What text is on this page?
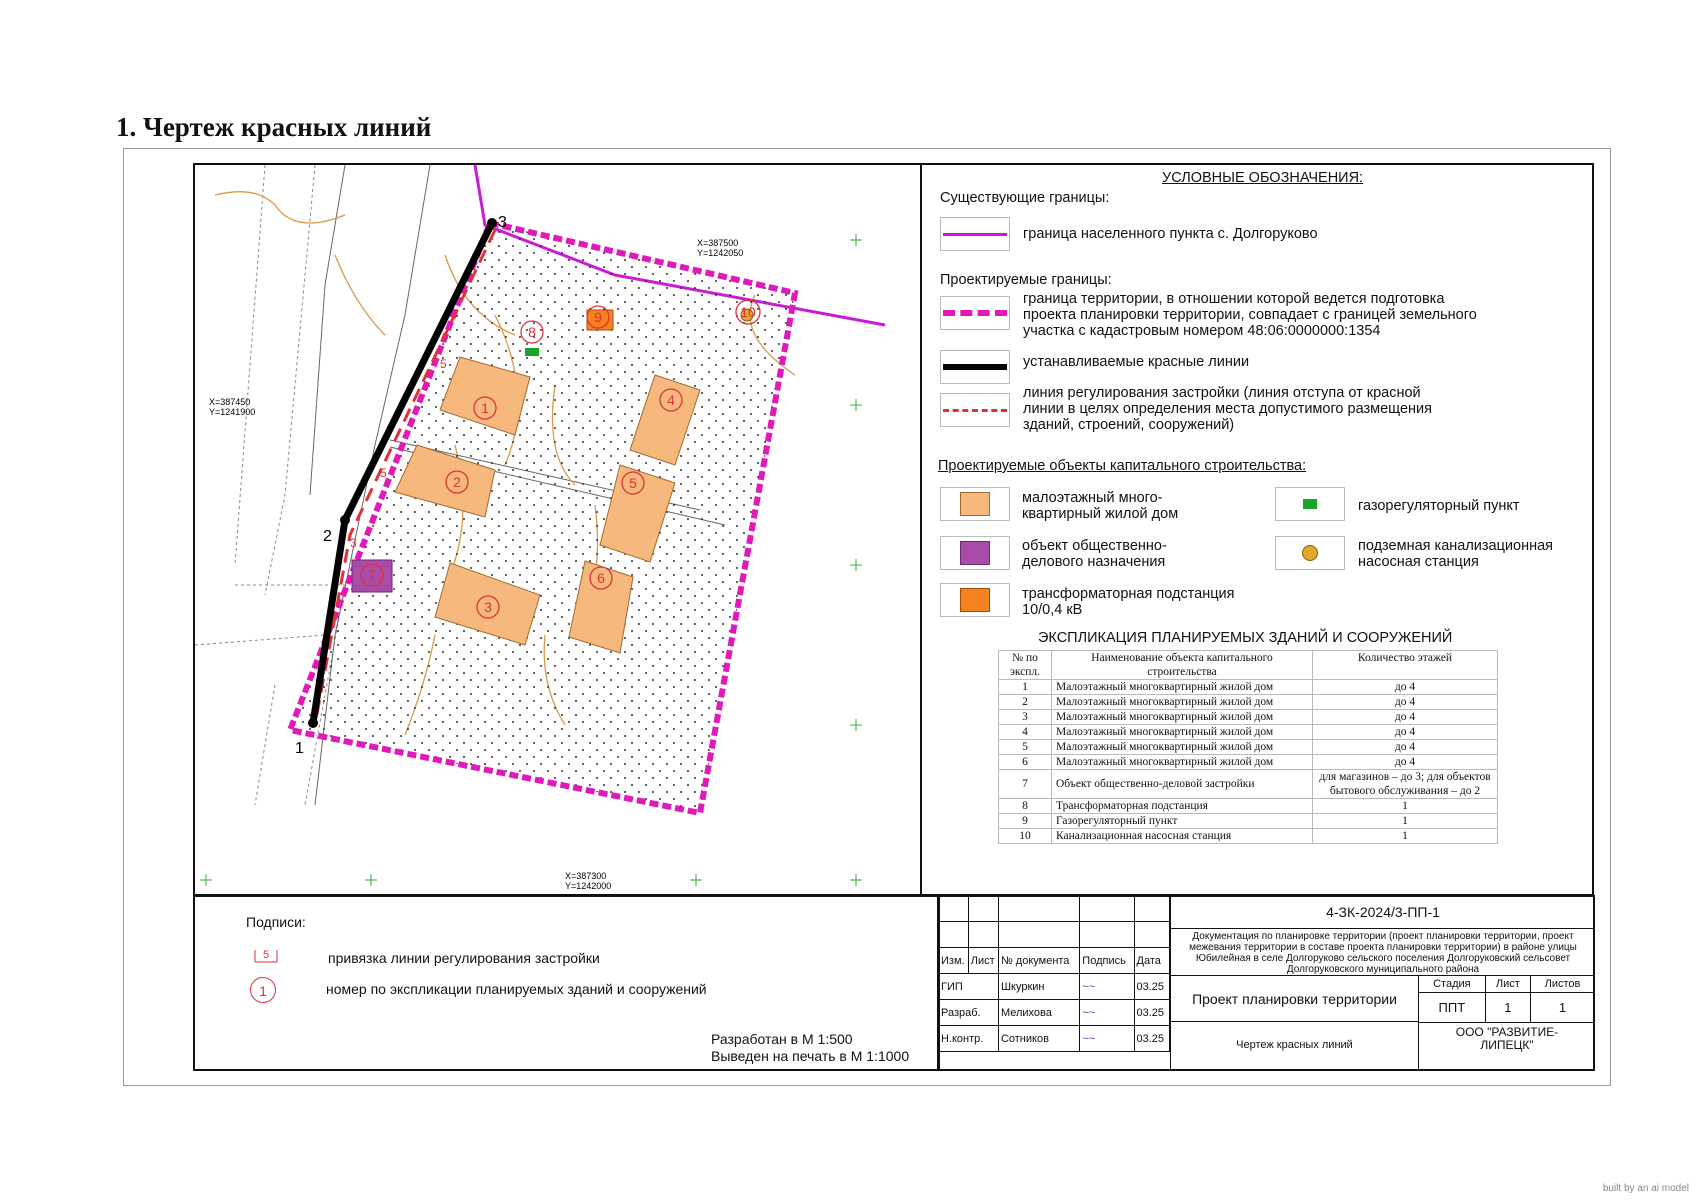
1. Чертеж красных линий
3
2
1
5
5
3
1
2
3
4
5
6
7
8
9	10
X=387500
Y=1242050
X=387450
Y=1241900
X=387300
Y=1242000
УСЛОВНЫЕ ОБОЗНАЧЕНИЯ:
Существующие границы:
граница населенного пункта с. Долгоруково
Проектируемые границы:
граница территории, в отношении которой ведется подготовка проекта планировки территории, совпадает с границей земельного участка с кадастровым номером 48:06:0000000:1354
устанавливаемые красные линии
линия регулирования застройки (линия отступа от красной линии в целях определения места допустимого размещения зданий, строений, сооружений)
Проектируемые объекты капитального строительства:
малоэтажный много-квартирный жилой дом
объект общественно-делового назначения
трансформаторная подстанция 10/0,4 кВ
газорегуляторный пункт
подземная канализационная насосная станция
ЭКСПЛИКАЦИЯ ПЛАНИРУЕМЫХ ЗДАНИЙ И СООРУЖЕНИЙ
№ по экспл.	Наименование объекта капитального строительства	Количество этажей
1	Малоэтажный многоквартирный жилой дом	до 4
2	Малоэтажный многоквартирный жилой дом	до 4
3	Малоэтажный многоквартирный жилой дом	до 4
4	Малоэтажный многоквартирный жилой дом	до 4
5	Малоэтажный многоквартирный жилой дом	до 4
6	Малоэтажный многоквартирный жилой дом	до 4
7	Объект общественно-деловой застройки	для магазинов – до 3; для объектов бытового обслуживания – до 2
8	Трансформаторная подстанция	1
9	Газорегуляторный пункт	1
10	Канализационная насосная станция	1
Подписи:
5	привязка линии регулирования застройки
1	номер по экспликации планируемых зданий и сооружений
Разработан в М 1:500
Выведен на печать в М 1:1000

Изм.	Лист	№ документа	Подпись	Дата
ГИП		Шкуркин	~~	03.25
Разраб.		Мелихова	~~	03.25
Н.контр.		Сотников	~~	03.25
4-ЗК-2024/3-ПП-1
Документация по планировке территории (проект планировки территории, проект межевания территории в составе проекта планировки территории) в районе улицы Юбилейная в селе Долгоруково сельского поселения Долгоруковский сельсовет Долгоруковского муниципального района
Проект планировки территории
Чертеж красных линий
Стадия	Лист	Листов
ППТ	1	1
ООО "РАЗВИТИЕ-ЛИПЕЦК"
built by an ai model
